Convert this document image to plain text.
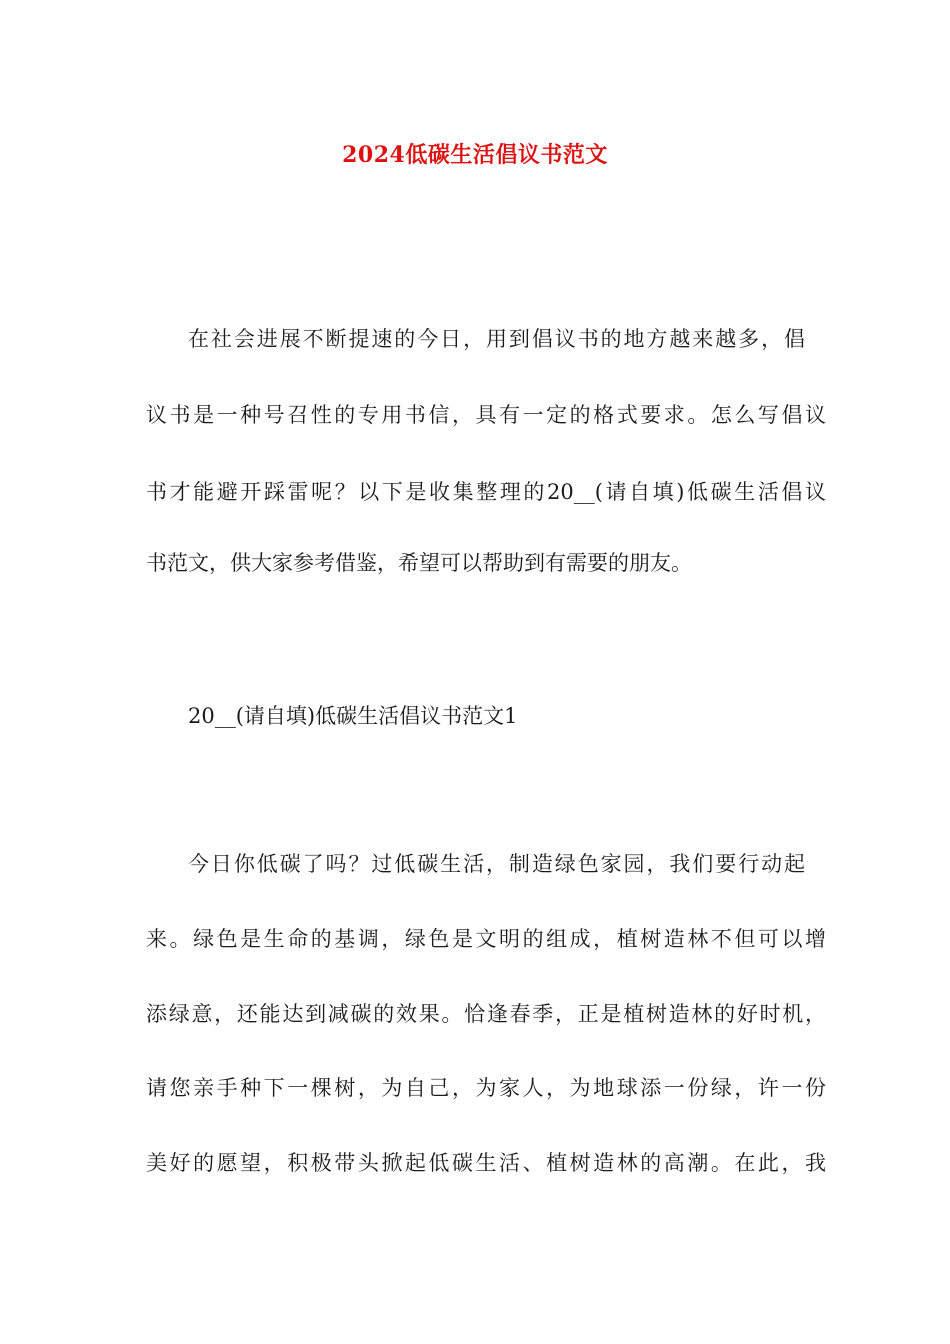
2024低碳生活倡议书范文
在社会进展不断提速的今日，用到倡议书的地方越来越多，倡
议书是一种号召性的专用书信，具有一定的格式要求。怎么写倡议
书才能避开踩雷呢？以下是收集整理的20__(请自填)低碳生活倡议
书范文，供大家参考借鉴，希望可以帮助到有需要的朋友。
20__(请自填)低碳生活倡议书范文1
今日你低碳了吗？过低碳生活，制造绿色家园，我们要行动起
来。绿色是生命的基调，绿色是文明的组成，植树造林不但可以增
添绿意，还能达到减碳的效果。恰逢春季，正是植树造林的好时机，
请您亲手种下一棵树，为自己，为家人，为地球添一份绿，许一份
美好的愿望，积极带头掀起低碳生活、植树造林的高潮。在此，我
